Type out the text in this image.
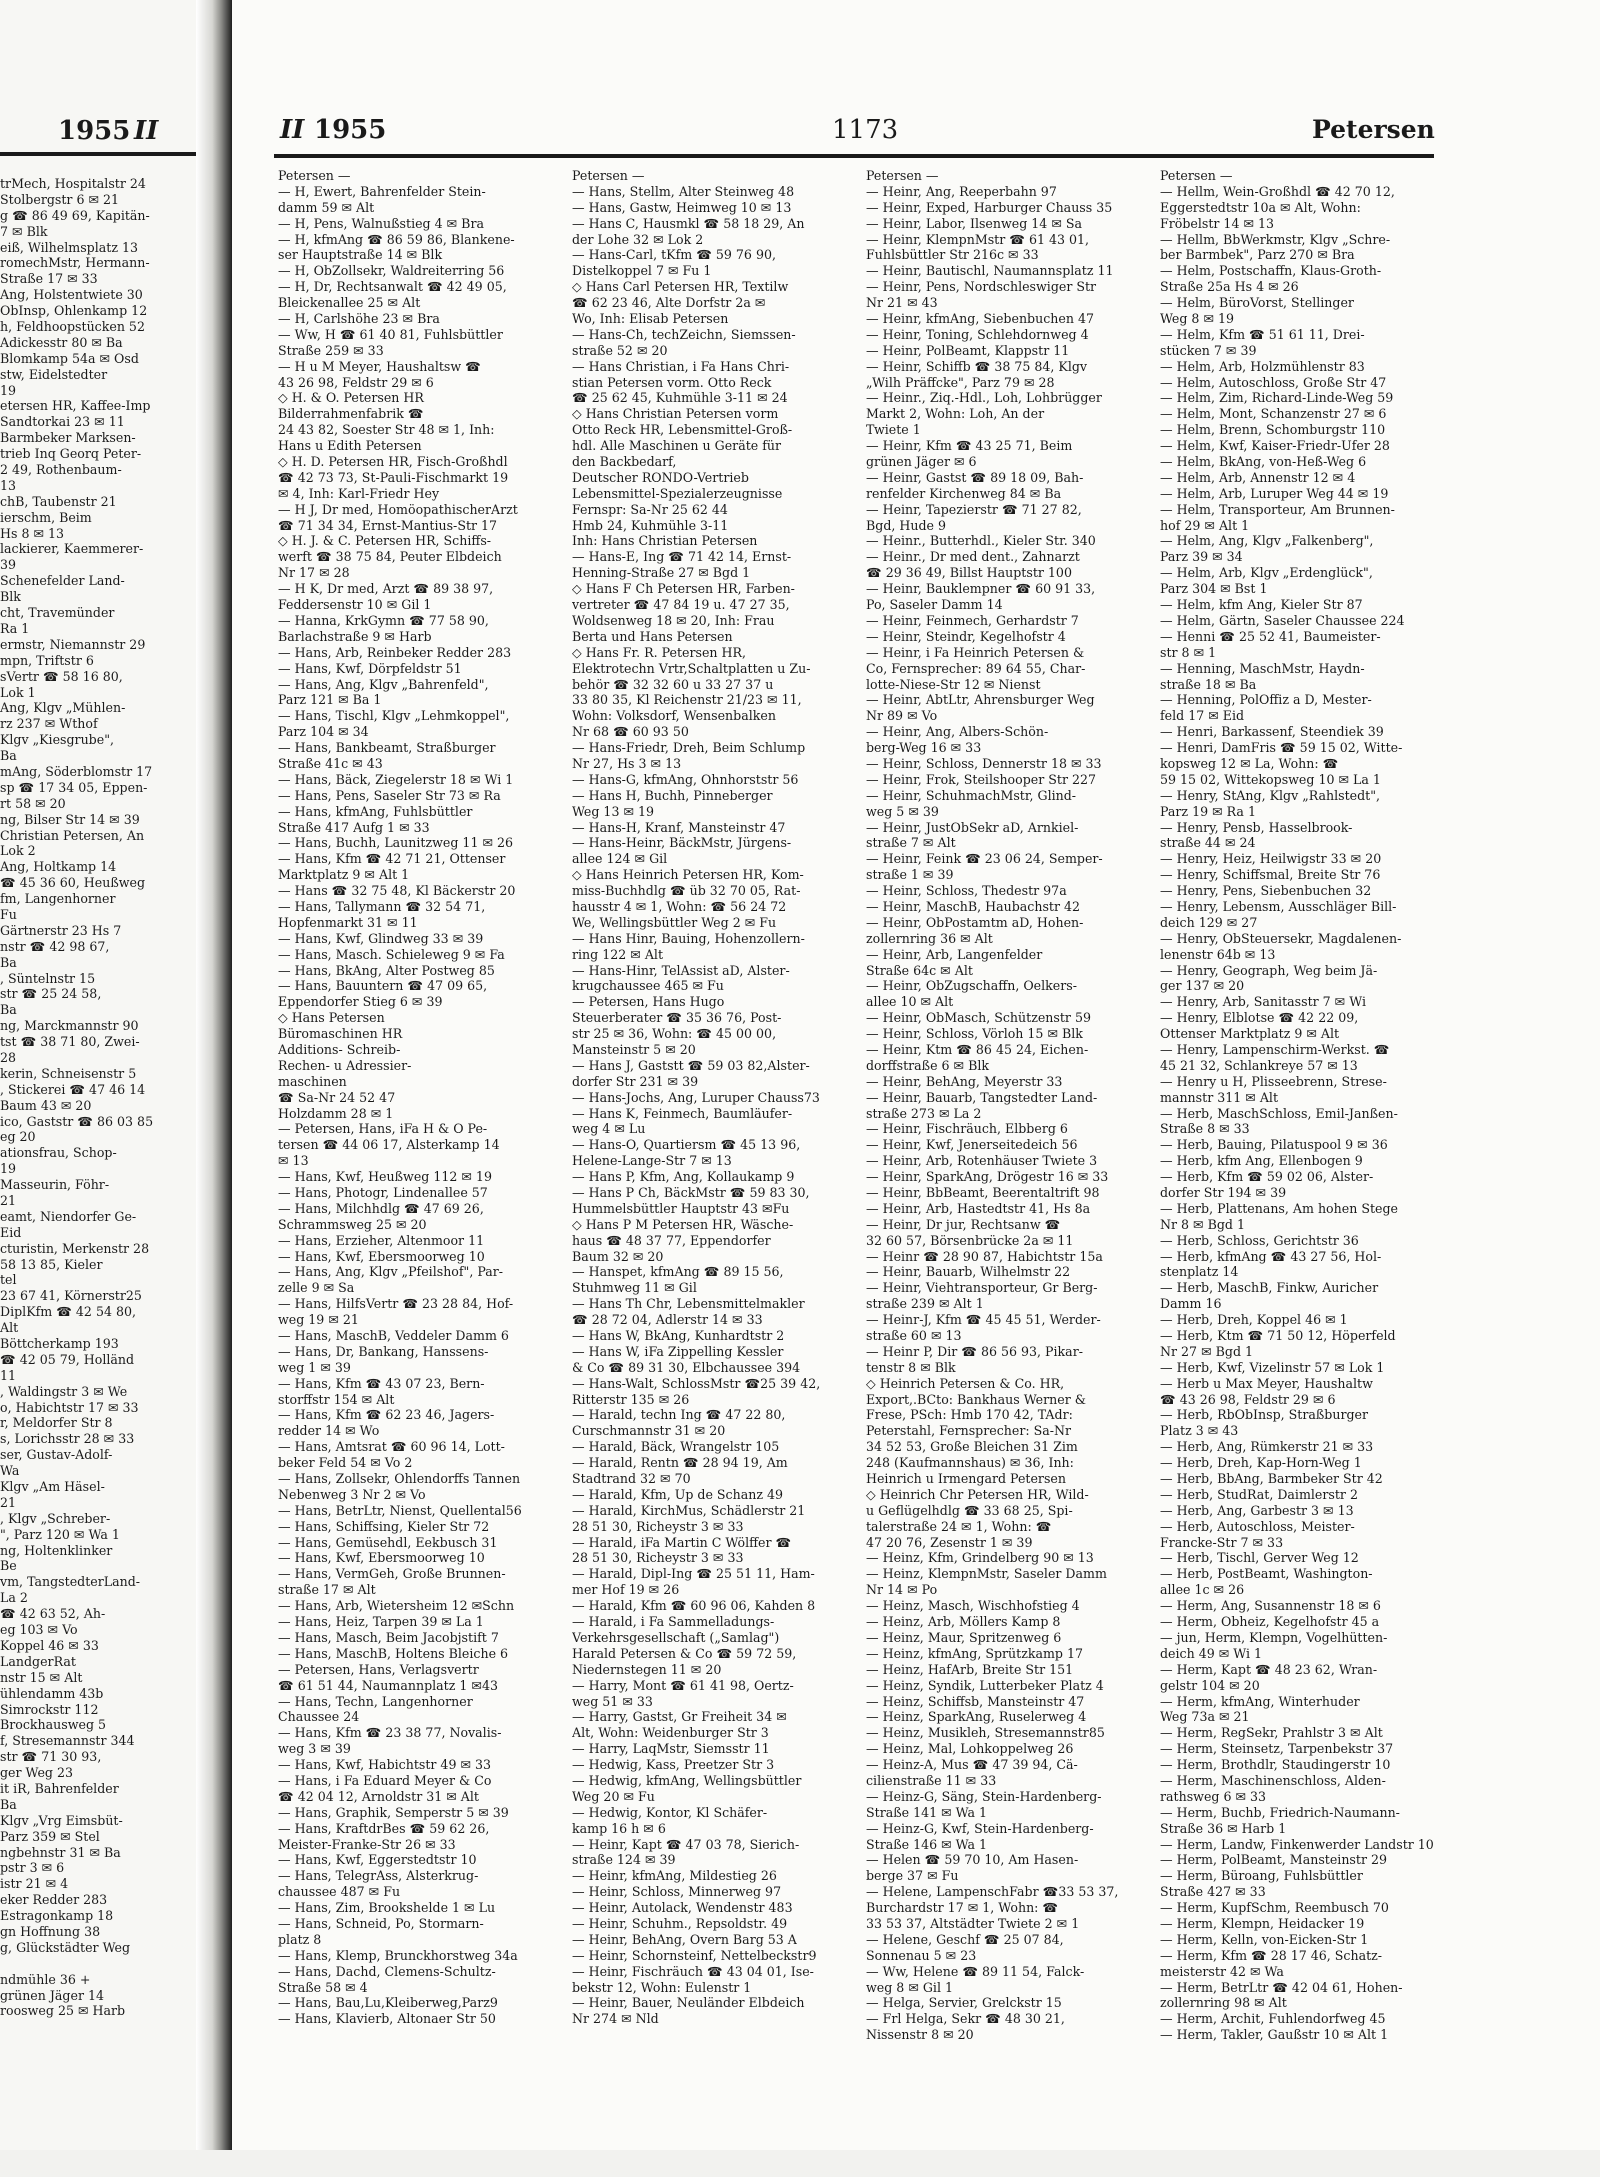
1955 II
trMech, Hospitalstr 24
Stolbergstr 6 ✉ 21
g ☎ 86 49 69, Kapitän-
7 ✉ Blk
eiß, Wilhelmsplatz 13
romechMstr, Hermann-
Straße 17 ✉ 33
Ang, Holstentwiete 30
ObInsp, Ohlenkamp 12
h, Feldhoopstücken 52
Adickesstr 80 ✉ Ba
Blomkamp 54a ✉ Osd
stw, Eidelstedter
19
etersen HR, Kaffee-Imp
Sandtorkai 23 ✉ 11
Barmbeker Marksen-
trieb Inq Georq Peter-
2 49, Rothenbaum-
13
chB, Taubenstr 21
ierschm, Beim
Hs 8 ✉ 13
lackierer, Kaemmerer-
39
Schenefelder Land-
Blk
cht, Travemünder
Ra 1
ermstr, Niemannstr 29
mpn, Triftstr 6
sVertr ☎ 58 16 80,
Lok 1
Ang, Klgv „Mühlen-
rz 237 ✉ Wthof
Klgv „Kiesgrube",
Ba
mAng, Söderblomstr 17
sp ☎ 17 34 05, Eppen-
rt 58 ✉ 20
ng, Bilser Str 14 ✉ 39
Christian Petersen, An
Lok 2
Ang, Holtkamp 14
☎ 45 36 60, Heußweg
fm, Langenhorner
Fu
Gärtnerstr 23 Hs 7
nstr ☎ 42 98 67,
Ba
, Süntelnstr 15
str ☎ 25 24 58,
Ba
ng, Marckmannstr 90
tst ☎ 38 71 80, Zwei-
28
kerin, Schneisenstr 5
, Stickerei ☎ 47 46 14
Baum 43 ✉ 20
ico, Gaststr ☎ 86 03 85
eg 20
ationsfrau, Schop-
19
Masseurin, Föhr-
21
eamt, Niendorfer Ge-
Eid
cturistin, Merkenstr 28
58 13 85, Kieler
tel
23 67 41, Körnerstr25
DiplKfm ☎ 42 54 80,
Alt
Böttcherkamp 193
☎ 42 05 79, Holländ
11
, Waldingstr 3 ✉ We
o, Habichtstr 17 ✉ 33
r, Meldorfer Str 8
s, Lorichsstr 28 ✉ 33
ser, Gustav-Adolf-
Wa
Klgv „Am Häsel-
21
, Klgv „Schreber-
", Parz 120 ✉ Wa 1
ng, Holtenklinker
Be
vm, TangstedterLand-
La 2
☎ 42 63 52, Ah-
eg 103 ✉ Vo
Koppel 46 ✉ 33
LandgerRat
nstr 15 ✉ Alt
ühlendamm 43b
Simrockstr 112
Brockhausweg 5
f, Stresemannstr 344
str ☎ 71 30 93,
ger Weg 23
it iR, Bahrenfelder
Ba
Klgv „Vrg Eimsbüt-
Parz 359 ✉ Stel
ngbehnstr 31 ✉ Ba
pstr 3 ✉ 6
istr 21 ✉ 4
eker Redder 283
Estragonkamp 18
gn Hoffnung 38
g, Glückstädter Weg
ndmühle 36 +
grünen Jäger 14
roosweg 25 ✉ Harb
II 1955	1173	Petersen
Petersen —
— H, Ewert, Bahrenfelder Stein-
damm 59 ✉ Alt
— H, Pens, Walnußstieg 4 ✉ Bra
— H, kfmAng ☎ 86 59 86, Blankene-
ser Hauptstraße 14 ✉ Blk
— H, ObZollsekr, Waldreiterring 56
— H, Dr, Rechtsanwalt ☎ 42 49 05,
Bleickenallee 25 ✉ Alt
— H, Carlshöhe 23 ✉ Bra
— Ww, H ☎ 61 40 81, Fuhlsbüttler
Straße 259 ✉ 33
— H u M Meyer, Haushaltsw ☎
43 26 98, Feldstr 29 ✉ 6
◇ H. & O. Petersen HR
Bilderrahmenfabrik ☎
24 43 82, Soester Str 48 ✉ 1, Inh:
Hans u Edith Petersen
◇ H. D. Petersen HR, Fisch-Großhdl
☎ 42 73 73, St-Pauli-Fischmarkt 19
✉ 4, Inh: Karl-Friedr Hey
— H J, Dr med, HomöopathischerArzt
☎ 71 34 34, Ernst-Mantius-Str 17
◇ H. J. & C. Petersen HR, Schiffs-
werft ☎ 38 75 84, Peuter Elbdeich
Nr 17 ✉ 28
— H K, Dr med, Arzt ☎ 89 38 97,
Feddersenstr 10 ✉ Gil 1
— Hanna, KrkGymn ☎ 77 58 90,
Barlachstraße 9 ✉ Harb
— Hans, Arb, Reinbeker Redder 283
— Hans, Kwf, Dörpfeldstr 51
— Hans, Ang, Klgv „Bahrenfeld",
Parz 121 ✉ Ba 1
— Hans, Tischl, Klgv „Lehmkoppel",
Parz 104 ✉ 34
— Hans, Bankbeamt, Straßburger
Straße 41c ✉ 43
— Hans, Bäck, Ziegelerstr 18 ✉ Wi 1
— Hans, Pens, Saseler Str 73 ✉ Ra
— Hans, kfmAng, Fuhlsbüttler
Straße 417 Aufg 1 ✉ 33
— Hans, Buchh, Launitzweg 11 ✉ 26
— Hans, Kfm ☎ 42 71 21, Ottenser
Marktplatz 9 ✉ Alt 1
— Hans ☎ 32 75 48, Kl Bäckerstr 20
— Hans, Tallymann ☎ 32 54 71,
Hopfenmarkt 31 ✉ 11
— Hans, Kwf, Glindweg 33 ✉ 39
— Hans, Masch. Schieleweg 9 ✉ Fa
— Hans, BkAng, Alter Postweg 85
— Hans, Bauuntern ☎ 47 09 65,
Eppendorfer Stieg 6 ✉ 39
◇ Hans Petersen
Büromaschinen HR
Additions- Schreib-
Rechen- u Adressier-
maschinen
☎ Sa-Nr 24 52 47
Holzdamm 28 ✉ 1
— Petersen, Hans, iFa H & O Pe-
tersen ☎ 44 06 17, Alsterkamp 14
✉ 13
— Hans, Kwf, Heußweg 112 ✉ 19
— Hans, Photogr, Lindenallee 57
— Hans, Milchhdlg ☎ 47 69 26,
Schrammsweg 25 ✉ 20
— Hans, Erzieher, Altenmoor 11
— Hans, Kwf, Ebersmoorweg 10
— Hans, Ang, Klgv „Pfeilshof", Par-
zelle 9 ✉ Sa
— Hans, HilfsVertr ☎ 23 28 84, Hof-
weg 19 ✉ 21
— Hans, MaschB, Veddeler Damm 6
— Hans, Dr, Bankang, Hanssens-
weg 1 ✉ 39
— Hans, Kfm ☎ 43 07 23, Bern-
storffstr 154 ✉ Alt
— Hans, Kfm ☎ 62 23 46, Jagers-
redder 14 ✉ Wo
— Hans, Amtsrat ☎ 60 96 14, Lott-
beker Feld 54 ✉ Vo 2
— Hans, Zollsekr, Ohlendorffs Tannen
Nebenweg 3 Nr 2 ✉ Vo
— Hans, BetrLtr, Nienst, Quellental56
— Hans, Schiffsing, Kieler Str 72
— Hans, Gemüsehdl, Eekbusch 31
— Hans, Kwf, Ebersmoorweg 10
— Hans, VermGeh, Große Brunnen-
straße 17 ✉ Alt
— Hans, Arb, Wietersheim 12 ✉Schn
— Hans, Heiz, Tarpen 39 ✉ La 1
— Hans, Masch, Beim Jacobjstift 7
— Hans, MaschB, Holtens Bleiche 6
— Petersen, Hans, Verlagsvertr
☎ 61 51 44, Naumannplatz 1 ✉43
— Hans, Techn, Langenhorner
Chaussee 24
— Hans, Kfm ☎ 23 38 77, Novalis-
weg 3 ✉ 39
— Hans, Kwf, Habichtstr 49 ✉ 33
— Hans, i Fa Eduard Meyer & Co
☎ 42 04 12, Arnoldstr 31 ✉ Alt
— Hans, Graphik, Semperstr 5 ✉ 39
— Hans, KraftdrBes ☎ 59 62 26,
Meister-Franke-Str 26 ✉ 33
— Hans, Kwf, Eggerstedtstr 10
— Hans, TelegrAss, Alsterkrug-
chaussee 487 ✉ Fu
— Hans, Zim, Brookshelde 1 ✉ Lu
— Hans, Schneid, Po, Stormarn-
platz 8
— Hans, Klemp, Brunckhorstweg 34a
— Hans, Dachd, Clemens-Schultz-
Straße 58 ✉ 4
— Hans, Bau,Lu,Kleiberweg,Parz9
— Hans, Klavierb, Altonaer Str 50
Petersen —
— Hans, Stellm, Alter Steinweg 48
— Hans, Gastw, Heimweg 10 ✉ 13
— Hans C, Hausmkl ☎ 58 18 29, An
der Lohe 32 ✉ Lok 2
— Hans-Carl, tKfm ☎ 59 76 90,
Distelkoppel 7 ✉ Fu 1
◇ Hans Carl Petersen HR, Textilw
☎ 62 23 46, Alte Dorfstr 2a ✉
Wo, Inh: Elisab Petersen
— Hans-Ch, techZeichn, Siemssen-
straße 52 ✉ 20
— Hans Christian, i Fa Hans Chri-
stian Petersen vorm. Otto Reck
☎ 25 62 45, Kuhmühle 3-11 ✉ 24
◇ Hans Christian Petersen vorm
Otto Reck HR, Lebensmittel-Groß-
hdl. Alle Maschinen u Geräte für
den Backbedarf,
Deutscher RONDO-Vertrieb
Lebensmittel-Spezialerzeugnisse
Fernspr: Sa-Nr 25 62 44
Hmb 24, Kuhmühle 3-11
Inh: Hans Christian Petersen
— Hans-E, Ing ☎ 71 42 14, Ernst-
Henning-Straße 27 ✉ Bgd 1
◇ Hans F Ch Petersen HR, Farben-
vertreter ☎ 47 84 19 u. 47 27 35,
Woldsenweg 18 ✉ 20, Inh: Frau
Berta und Hans Petersen
◇ Hans Fr. R. Petersen HR,
Elektrotechn Vrtr,Schaltplatten u Zu-
behör ☎ 32 32 60 u 33 27 37 u
33 80 35, Kl Reichenstr 21/23 ✉ 11,
Wohn: Volksdorf, Wensenbalken
Nr 68 ☎ 60 93 50
— Hans-Friedr, Dreh, Beim Schlump
Nr 27, Hs 3 ✉ 13
— Hans-G, kfmAng, Ohnhorststr 56
— Hans H, Buchh, Pinneberger
Weg 13 ✉ 19
— Hans-H, Kranf, Mansteinstr 47
— Hans-Heinr, BäckMstr, Jürgens-
allee 124 ✉ Gil
◇ Hans Heinrich Petersen HR, Kom-
miss-Buchhdlg ☎ üb 32 70 05, Rat-
hausstr 4 ✉ 1, Wohn: ☎ 56 24 72
We, Wellingsbüttler Weg 2 ✉ Fu
— Hans Hinr, Bauing, Hohenzollern-
ring 122 ✉ Alt
— Hans-Hinr, TelAssist aD, Alster-
krugchaussee 465 ✉ Fu
— Petersen, Hans Hugo
Steuerberater ☎ 35 36 76, Post-
str 25 ✉ 36, Wohn: ☎ 45 00 00,
Mansteinstr 5 ✉ 20
— Hans J, Gaststt ☎ 59 03 82,Alster-
dorfer Str 231 ✉ 39
— Hans-Jochs, Ang, Luruper Chauss73
— Hans K, Feinmech, Baumläufer-
weg 4 ✉ Lu
— Hans-O, Quartiersm ☎ 45 13 96,
Helene-Lange-Str 7 ✉ 13
— Hans P, Kfm, Ang, Kollaukamp 9
— Hans P Ch, BäckMstr ☎ 59 83 30,
Hummelsbüttler Hauptstr 43 ✉Fu
◇ Hans P M Petersen HR, Wäsche-
haus ☎ 48 37 77, Eppendorfer
Baum 32 ✉ 20
— Hanspet, kfmAng ☎ 89 15 56,
Stuhmweg 11 ✉ Gil
— Hans Th Chr, Lebensmittelmakler
☎ 28 72 04, Adlerstr 14 ✉ 33
— Hans W, BkAng, Kunhardtstr 2
— Hans W, iFa Zippelling Kessler
& Co ☎ 89 31 30, Elbchaussee 394
— Hans-Walt, SchlossMstr ☎25 39 42,
Ritterstr 135 ✉ 26
— Harald, techn Ing ☎ 47 22 80,
Curschmannstr 31 ✉ 20
— Harald, Bäck, Wrangelstr 105
— Harald, Rentn ☎ 28 94 19, Am
Stadtrand 32 ✉ 70
— Harald, Kfm, Up de Schanz 49
— Harald, KirchMus, Schädlerstr 21
28 51 30, Richeystr 3 ✉ 33
— Harald, iFa Martin C Wölffer ☎
28 51 30, Richeystr 3 ✉ 33
— Harald, Dipl-Ing ☎ 25 51 11, Ham-
mer Hof 19 ✉ 26
— Harald, Kfm ☎ 60 96 06, Kahden 8
— Harald, i Fa Sammelladungs-
Verkehrsgesellschaft („Samlag")
Harald Petersen & Co ☎ 59 72 59,
Niedernstegen 11 ✉ 20
— Harry, Mont ☎ 61 41 98, Oertz-
weg 51 ✉ 33
— Harry, Gastst, Gr Freiheit 34 ✉
Alt, Wohn: Weidenburger Str 3
— Harry, LaqMstr, Siemsstr 11
— Hedwig, Kass, Preetzer Str 3
— Hedwig, kfmAng, Wellingsbüttler
Weg 20 ✉ Fu
— Hedwig, Kontor, Kl Schäfer-
kamp 16 h ✉ 6
— Heinr, Kapt ☎ 47 03 78, Sierich-
straße 124 ✉ 39
— Heinr, kfmAng, Mildestieg 26
— Heinr, Schloss, Minnerweg 97
— Heinr, Autolack, Wendenstr 483
— Heinr, Schuhm., Repsoldstr. 49
— Heinr, BehAng, Overn Barg 53 A
— Heinr, Schornsteinf, Nettelbeckstr9
— Heinr, Fischräuch ☎ 43 04 01, Ise-
bekstr 12, Wohn: Eulenstr 1
— Heinr, Bauer, Neuländer Elbdeich
Nr 274 ✉ Nld
Petersen —
— Heinr, Ang, Reeperbahn 97
— Heinr, Exped, Harburger Chauss 35
— Heinr, Labor, Ilsenweg 14 ✉ Sa
— Heinr, KlempnMstr ☎ 61 43 01,
Fuhlsbüttler Str 216c ✉ 33
— Heinr, Bautischl, Naumannsplatz 11
— Heinr, Pens, Nordschleswiger Str
Nr 21 ✉ 43
— Heinr, kfmAng, Siebenbuchen 47
— Heinr, Toning, Schlehdornweg 4
— Heinr, PolBeamt, Klappstr 11
— Heinr, Schiffb ☎ 38 75 84, Klgv
„Wilh Präffcke", Parz 79 ✉ 28
— Heinr., Ziq.-Hdl., Loh, Lohbrügger
Markt 2, Wohn: Loh, An der
Twiete 1
— Heinr, Kfm ☎ 43 25 71, Beim
grünen Jäger ✉ 6
— Heinr, Gastst ☎ 89 18 09, Bah-
renfelder Kirchenweg 84 ✉ Ba
— Heinr, Tapezierstr ☎ 71 27 82,
Bgd, Hude 9
— Heinr., Butterhdl., Kieler Str. 340
— Heinr., Dr med dent., Zahnarzt
☎ 29 36 49, Billst Hauptstr 100
— Heinr, Bauklempner ☎ 60 91 33,
Po, Saseler Damm 14
— Heinr, Feinmech, Gerhardstr 7
— Heinr, Steindr, Kegelhofstr 4
— Heinr, i Fa Heinrich Petersen &
Co, Fernsprecher: 89 64 55, Char-
lotte-Niese-Str 12 ✉ Nienst
— Heinr, AbtLtr, Ahrensburger Weg
Nr 89 ✉ Vo
— Heinr, Ang, Albers-Schön-
berg-Weg 16 ✉ 33
— Heinr, Schloss, Dennerstr 18 ✉ 33
— Heinr, Frok, Steilshooper Str 227
— Heinr, SchuhmachMstr, Glind-
weg 5 ✉ 39
— Heinr, JustObSekr aD, Arnkiel-
straße 7 ✉ Alt
— Heinr, Feink ☎ 23 06 24, Semper-
straße 1 ✉ 39
— Heinr, Schloss, Thedestr 97a
— Heinr, MaschB, Haubachstr 42
— Heinr, ObPostamtm aD, Hohen-
zollernring 36 ✉ Alt
— Heinr, Arb, Langenfelder
Straße 64c ✉ Alt
— Heinr, ObZugschaffn, Oelkers-
allee 10 ✉ Alt
— Heinr, ObMasch, Schützenstr 59
— Heinr, Schloss, Vörloh 15 ✉ Blk
— Heinr, Ktm ☎ 86 45 24, Eichen-
dorffstraße 6 ✉ Blk
— Heinr, BehAng, Meyerstr 33
— Heinr, Bauarb, Tangstedter Land-
straße 273 ✉ La 2
— Heinr, Fischräuch, Elbberg 6
— Heinr, Kwf, Jenerseitedeich 56
— Heinr, Arb, Rotenhäuser Twiete 3
— Heinr, SparkAng, Drögestr 16 ✉ 33
— Heinr, BbBeamt, Beerentaltrift 98
— Heinr, Arb, Hastedtstr 41, Hs 8a
— Heinr, Dr jur, Rechtsanw ☎
32 60 57, Börsenbrücke 2a ✉ 11
— Heinr ☎ 28 90 87, Habichtstr 15a
— Heinr, Bauarb, Wilhelmstr 22
— Heinr, Viehtransporteur, Gr Berg-
straße 239 ✉ Alt 1
— Heinr-J, Kfm ☎ 45 45 51, Werder-
straße 60 ✉ 13
— Heinr P, Dir ☎ 86 56 93, Pikar-
tenstr 8 ✉ Blk
◇ Heinrich Petersen & Co. HR,
Export,.BCto: Bankhaus Werner &
Frese, PSch: Hmb 170 42, TAdr:
Peterstahl, Fernsprecher: Sa-Nr
34 52 53, Große Bleichen 31 Zim
248 (Kaufmannshaus) ✉ 36, Inh:
Heinrich u Irmengard Petersen
◇ Heinrich Chr Petersen HR, Wild-
u Geflügelhdlg ☎ 33 68 25, Spi-
talerstraße 24 ✉ 1, Wohn: ☎
47 20 76, Zesenstr 1 ✉ 39
— Heinz, Kfm, Grindelberg 90 ✉ 13
— Heinz, KlempnMstr, Saseler Damm
Nr 14 ✉ Po
— Heinz, Masch, Wischhofstieg 4
— Heinz, Arb, Möllers Kamp 8
— Heinz, Maur, Spritzenweg 6
— Heinz, kfmAng, Sprützkamp 17
— Heinz, HafArb, Breite Str 151
— Heinz, Syndik, Lutterbeker Platz 4
— Heinz, Schiffsb, Mansteinstr 47
— Heinz, SparkAng, Ruselerweg 4
— Heinz, Musikleh, Stresemannstr85
— Heinz, Mal, Lohkoppelweg 26
— Heinz-A, Mus ☎ 47 39 94, Cä-
cilienstraße 11 ✉ 33
— Heinz-G, Säng, Stein-Hardenberg-
Straße 141 ✉ Wa 1
— Heinz-G, Kwf, Stein-Hardenberg-
Straße 146 ✉ Wa 1
— Helen ☎ 59 70 10, Am Hasen-
berge 37 ✉ Fu
— Helene, LampenschFabr ☎33 53 37,
Burchardstr 17 ✉ 1, Wohn: ☎
33 53 37, Altstädter Twiete 2 ✉ 1
— Helene, Geschf ☎ 25 07 84,
Sonnenau 5 ✉ 23
— Ww, Helene ☎ 89 11 54, Falck-
weg 8 ✉ Gil 1
— Helga, Servier, Grelckstr 15
— Frl Helga, Sekr ☎ 48 30 21,
Nissenstr 8 ✉ 20
Petersen —
— Hellm, Wein-Großhdl ☎ 42 70 12,
Eggerstedtstr 10a ✉ Alt, Wohn:
Fröbelstr 14 ✉ 13
— Hellm, BbWerkmstr, Klgv „Schre-
ber Barmbek", Parz 270 ✉ Bra
— Helm, Postschaffn, Klaus-Groth-
Straße 25a Hs 4 ✉ 26
— Helm, BüroVorst, Stellinger
Weg 8 ✉ 19
— Helm, Kfm ☎ 51 61 11, Drei-
stücken 7 ✉ 39
— Helm, Arb, Holzmühlenstr 83
— Helm, Autoschloss, Große Str 47
— Helm, Zim, Richard-Linde-Weg 59
— Helm, Mont, Schanzenstr 27 ✉ 6
— Helm, Brenn, Schomburgstr 110
— Helm, Kwf, Kaiser-Friedr-Ufer 28
— Helm, BkAng, von-Heß-Weg 6
— Helm, Arb, Annenstr 12 ✉ 4
— Helm, Arb, Luruper Weg 44 ✉ 19
— Helm, Transporteur, Am Brunnen-
hof 29 ✉ Alt 1
— Helm, Ang, Klgv „Falkenberg",
Parz 39 ✉ 34
— Helm, Arb, Klgv „Erdenglück",
Parz 304 ✉ Bst 1
— Helm, kfm Ang, Kieler Str 87
— Helm, Gärtn, Saseler Chaussee 224
— Henni ☎ 25 52 41, Baumeister-
str 8 ✉ 1
— Henning, MaschMstr, Haydn-
straße 18 ✉ Ba
— Henning, PolOffiz a D, Mester-
feld 17 ✉ Eid
— Henri, Barkassenf, Steendiek 39
— Henri, DamFris ☎ 59 15 02, Witte-
kopsweg 12 ✉ La, Wohn: ☎
59 15 02, Wittekopsweg 10 ✉ La 1
— Henry, StAng, Klgv „Rahlstedt",
Parz 19 ✉ Ra 1
— Henry, Pensb, Hasselbrook-
straße 44 ✉ 24
— Henry, Heiz, Heilwigstr 33 ✉ 20
— Henry, Schiffsmal, Breite Str 76
— Henry, Pens, Siebenbuchen 32
— Henry, Lebensm, Ausschläger Bill-
deich 129 ✉ 27
— Henry, ObSteuersekr, Magdalenen-
lenenstr 64b ✉ 13
— Henry, Geograph, Weg beim Jä-
ger 137 ✉ 20
— Henry, Arb, Sanitasstr 7 ✉ Wi
— Henry, Elblotse ☎ 42 22 09,
Ottenser Marktplatz 9 ✉ Alt
— Henry, Lampenschirm-Werkst. ☎
45 21 32, Schlankreye 57 ✉ 13
— Henry u H, Plisseebrenn, Strese-
mannstr 311 ✉ Alt
— Herb, MaschSchloss, Emil-Janßen-
Straße 8 ✉ 33
— Herb, Bauing, Pilatuspool 9 ✉ 36
— Herb, kfm Ang, Ellenbogen 9
— Herb, Kfm ☎ 59 02 06, Alster-
dorfer Str 194 ✉ 39
— Herb, Plattenans, Am hohen Stege
Nr 8 ✉ Bgd 1
— Herb, Schloss, Gerichtstr 36
— Herb, kfmAng ☎ 43 27 56, Hol-
stenplatz 14
— Herb, MaschB, Finkw, Auricher
Damm 16
— Herb, Dreh, Koppel 46 ✉ 1
— Herb, Ktm ☎ 71 50 12, Höperfeld
Nr 27 ✉ Bgd 1
— Herb, Kwf, Vizelinstr 57 ✉ Lok 1
— Herb u Max Meyer, Haushaltw
☎ 43 26 98, Feldstr 29 ✉ 6
— Herb, RbObInsp, Straßburger
Platz 3 ✉ 43
— Herb, Ang, Rümkerstr 21 ✉ 33
— Herb, Dreh, Kap-Horn-Weg 1
— Herb, BbAng, Barmbeker Str 42
— Herb, StudRat, Daimlerstr 2
— Herb, Ang, Garbestr 3 ✉ 13
— Herb, Autoschloss, Meister-
Francke-Str 7 ✉ 33
— Herb, Tischl, Gerver Weg 12
— Herb, PostBeamt, Washington-
allee 1c ✉ 26
— Herm, Ang, Susannenstr 18 ✉ 6
— Herm, Obheiz, Kegelhofstr 45 a
— jun, Herm, Klempn, Vogelhütten-
deich 49 ✉ Wi 1
— Herm, Kapt ☎ 48 23 62, Wran-
gelstr 104 ✉ 20
— Herm, kfmAng, Winterhuder
Weg 73a ✉ 21
— Herm, RegSekr, Prahlstr 3 ✉ Alt
— Herm, Steinsetz, Tarpenbekstr 37
— Herm, Brothdlr, Staudingerstr 10
— Herm, Maschinenschloss, Alden-
rathsweg 6 ✉ 33
— Herm, Buchb, Friedrich-Naumann-
Straße 36 ✉ Harb 1
— Herm, Landw, Finkenwerder Landstr 10
— Herm, PolBeamt, Mansteinstr 29
— Herm, Büroang, Fuhlsbüttler
Straße 427 ✉ 33
— Herm, KupfSchm, Reembusch 70
— Herm, Klempn, Heidacker 19
— Herm, Kelln, von-Eicken-Str 1
— Herm, Kfm ☎ 28 17 46, Schatz-
meisterstr 42 ✉ Wa
— Herm, BetrLtr ☎ 42 04 61, Hohen-
zollernring 98 ✉ Alt
— Herm, Archit, Fuhlendorfweg 45
— Herm, Takler, Gaußstr 10 ✉ Alt 1
